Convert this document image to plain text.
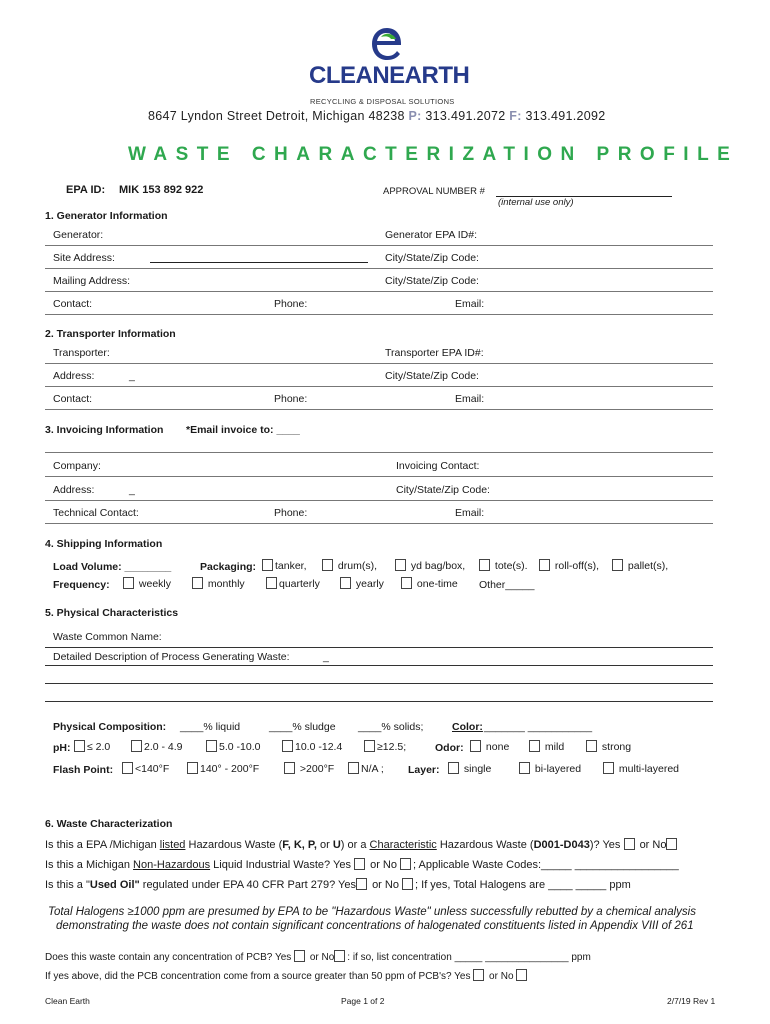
CLEANEARTH
RECYCLING & DISPOSAL SOLUTIONS
8647 Lyndon Street Detroit, Michigan 48238 P: 313.491.2072 F: 313.491.2092
WASTE CHARACTERIZATION PROFILE
EPA ID: MIK 153 892 922	APPROVAL NUMBER #
(internal use only)
1. Generator Information
Generator:	Generator EPA ID#:
Site Address:	City/State/Zip Code:
Mailing Address:	City/State/Zip Code:
Contact:	Phone:	Email:
2. Transporter Information
Transporter:	Transporter EPA ID#:
Address:	_	City/State/Zip Code:
Contact:	Phone:	Email:
3. Invoicing Information *Email invoice to: ____
Company:	Invoicing Contact:
Address:	_	City/State/Zip Code:
Technical Contact:	Phone:	Email:
4. Shipping Information
Load Volume: ________	Packaging:	tanker,	drum(s),	yd bag/box,	tote(s).	roll-off(s),	pallet(s),
Frequency:	weekly	monthly	quarterly	yearly	one-time Other_____
5. Physical Characteristics
Waste Common Name:
Detailed Description of Process Generating Waste:	_
Physical Composition: ____% liquid	____% sludge ____% solids;	Color: _______ ___________
pH:	≤ 2.0	2.0 - 4.9	5.0 -10.0	10.0 -12.4	≥12.5;	Odor:	none	mild	strong
Flash Point:	<140°F	140° - 200°F	>200°F	N/A ; Layer:	single	bi-layered	multi-layered
6. Waste Characterization
Is this a EPA /Michigan listed Hazardous Waste (F, K, P, or U) or a Characteristic Hazardous Waste (D001-D043)? Yes or No
Is this a Michigan Non-Hazardous Liquid Industrial Waste? Yes or No ; Applicable Waste Codes:_____ _________________
Is this a "Used Oil" regulated under EPA 40 CFR Part 279? Yes or No ; If yes, Total Halogens are ____ _____ ppm
Total Halogens ≥1000 ppm are presumed by EPA to be "Hazardous Waste" unless successfully rebutted by a chemical analysis
demonstrating the waste does not contain significant concentrations of halogenated constituents listed in Appendix VIII of 261
Does this waste contain any concentration of PCB? Yes or No : if so, list concentration _____ _______________ ppm
If yes above, did the PCB concentration come from a source greater than 50 ppm of PCB's? Yes or No
Clean Earth	Page 1 of 2	2/7/19 Rev 1
